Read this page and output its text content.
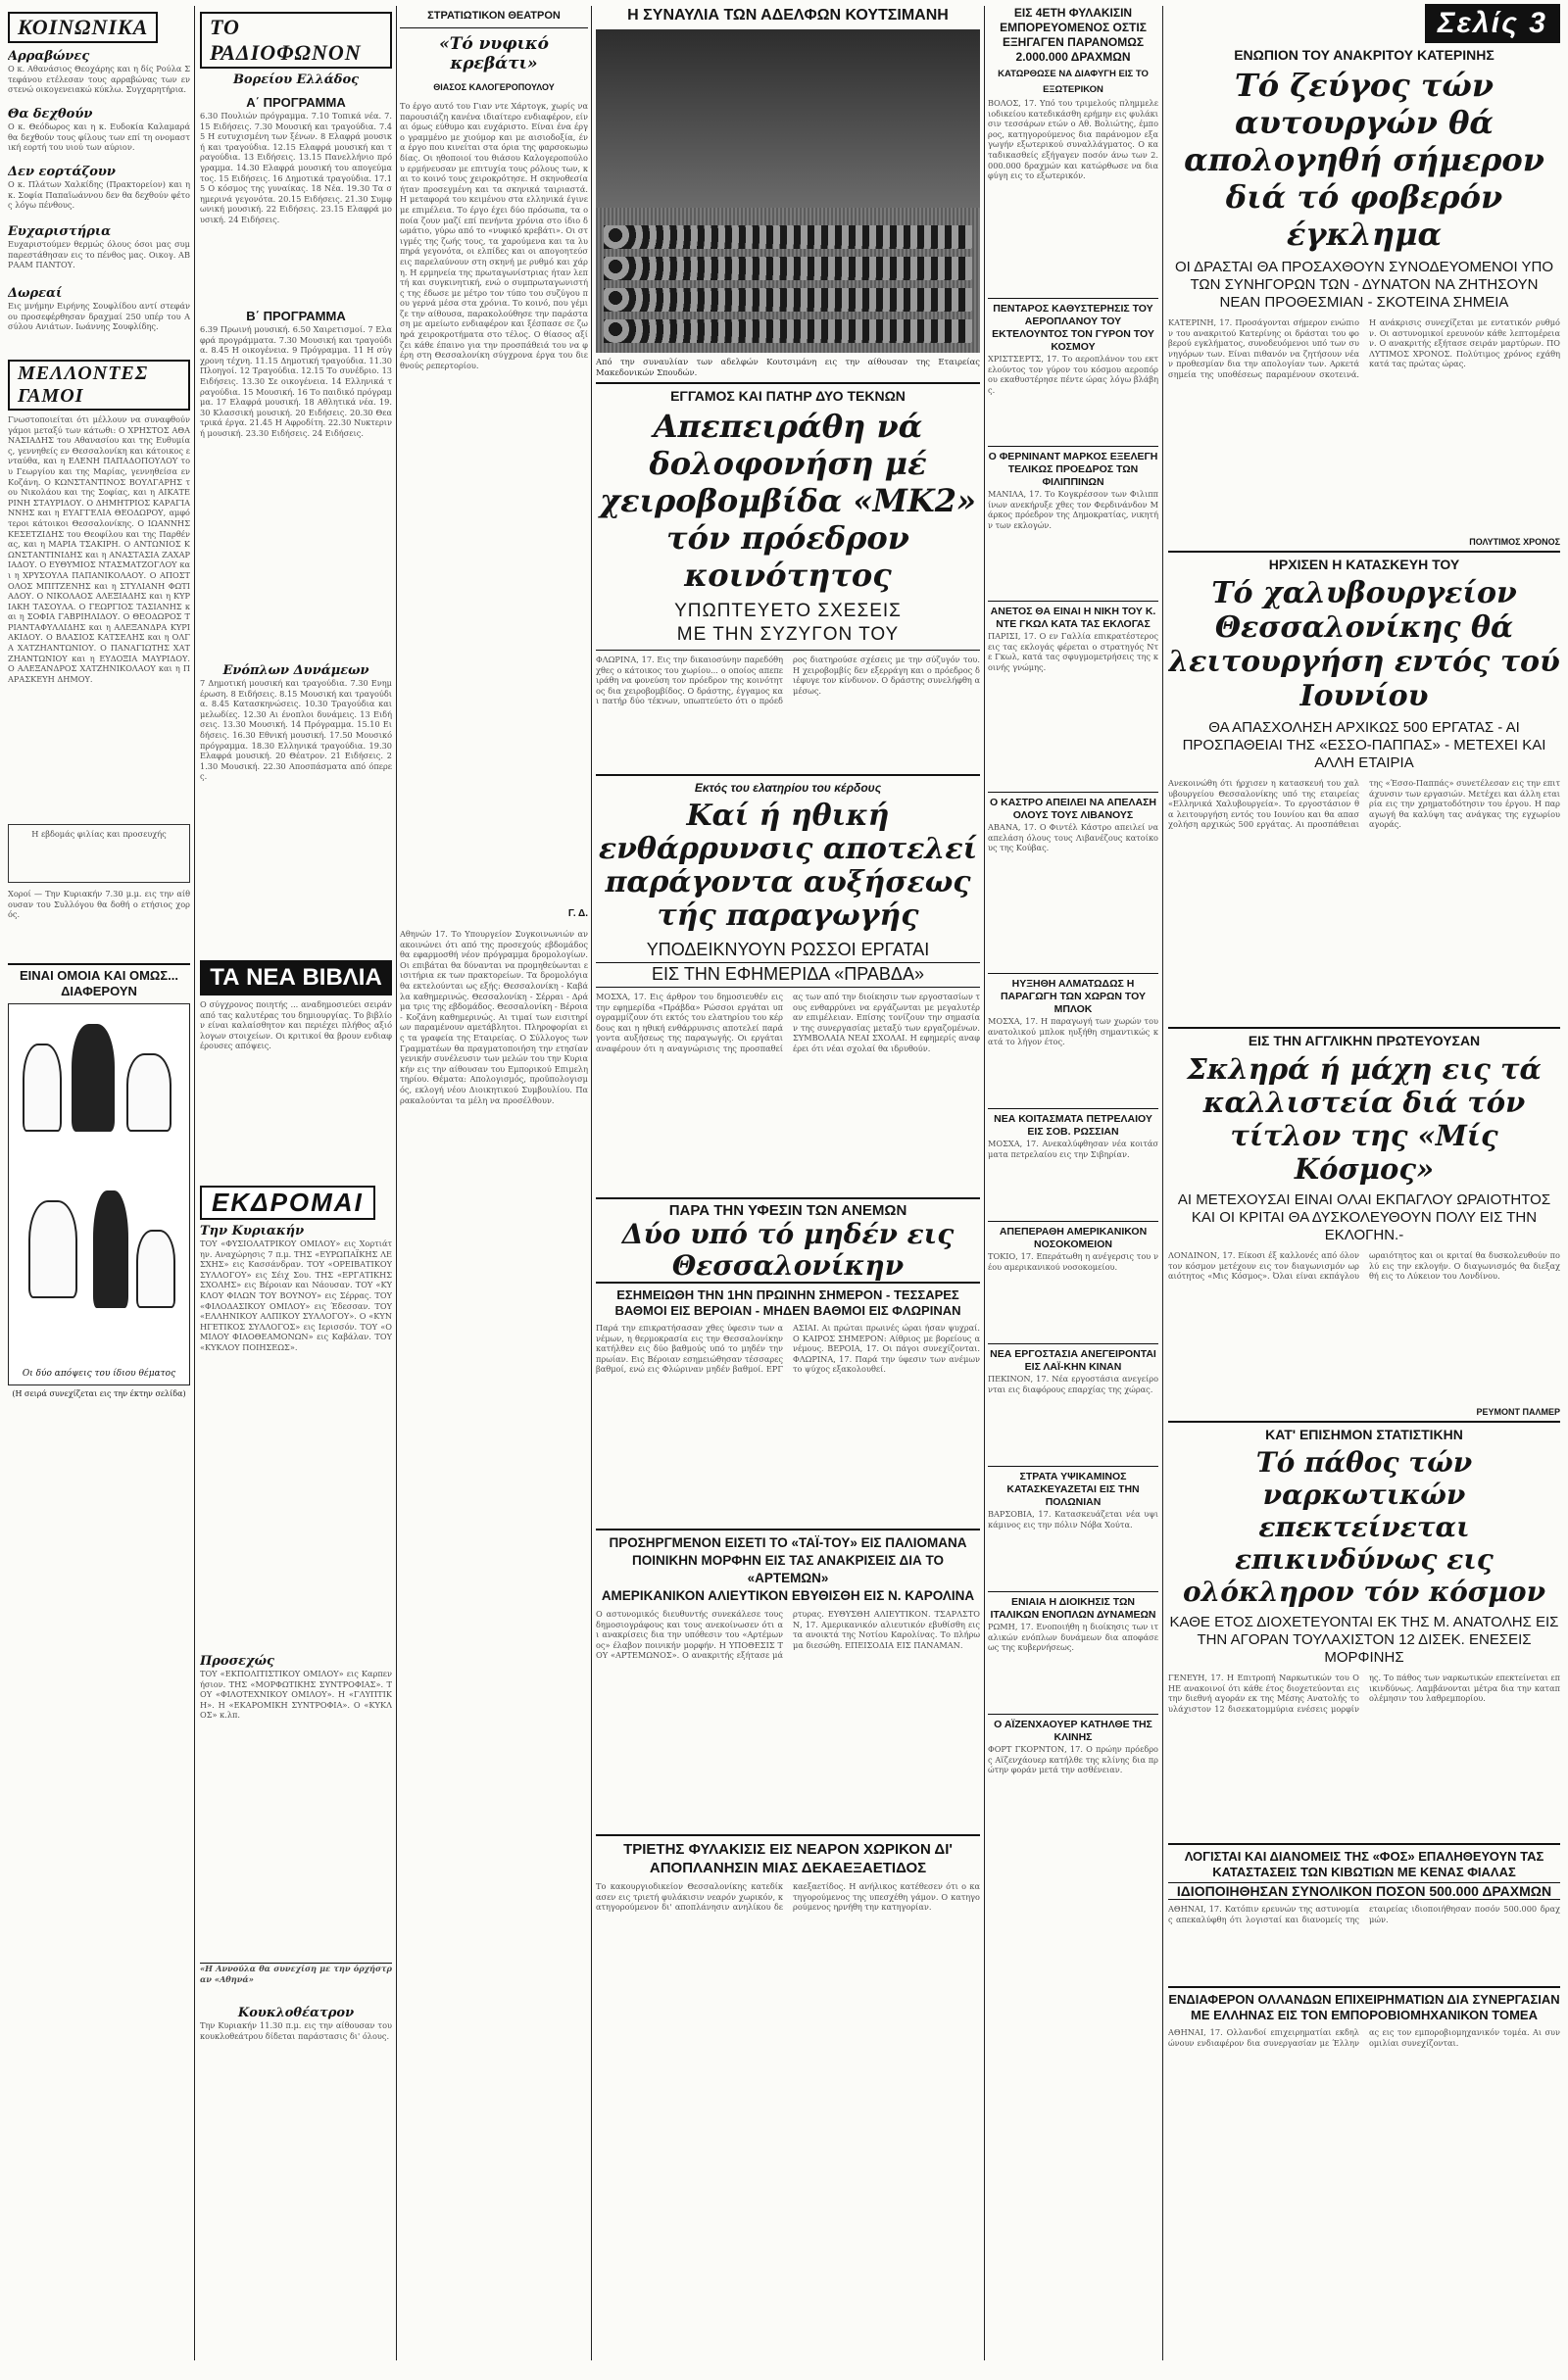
ΚΟΙΝΩΝΙΚΑ
Αρραβώνες
Ο κ. Αθανάσιος Θεοχάρης και η δίς Ρούλα Στεφάνου ετέλεσαν τους αρραβώνας των εν στενώ οικογενειακώ κύκλω. Συγχαρητήρια.
Θα δεχθούν
Ο κ. Θεόδωρος και η κ. Ευδοκία Καλαμαρά θα δεχθούν τους φίλους των επί τη ονομαστική εορτή του υιού των αύριον.
Δεν εορτάζουν
Ο κ. Πλάτων Χαλκίδης (Πρακτορείον) και η κ. Σοφία Παπαϊωάννου δεν θα δεχθούν φέτος λόγω πένθους.
Ευχαριστήρια
Ευχαριστούμεν θερμώς όλους όσοι μας συμπαρεστάθησαν εις το πένθος μας. Οικογ. ΑΒΡΑΑΜ ΠΑΝΤΟΥ.
Δωρεαί
Εις μνήμην Ειρήνης Σουφλίδου αντί στεφάνου προσεφέρθησαν δραχμαί 250 υπέρ του Ασύλου Ανιάτων. Ιωάννης Σουφλίδης.
ΜΕΛΛΟΝΤΕΣ ΓΑΜΟΙ
Γνωστοποιείται ότι μέλλουν να συναφθούν γάμοι μεταξύ των κάτωθι: Ο ΧΡΗΣΤΟΣ ΑΘΑΝΑΣΙΑΔΗΣ του Αθανασίου και της Ευθυμίας, γεννηθείς εν Θεσσαλονίκη και κάτοικος ενταύθα, και η ΕΛΕΝΗ ΠΑΠΑΔΟΠΟΥΛΟΥ του Γεωργίου και της Μαρίας, γεννηθείσα εν Κοζάνη. Ο ΚΩΝΣΤΑΝΤΙΝΟΣ ΒΟΥΛΓΑΡΗΣ του Νικολάου και της Σοφίας, και η ΑΙΚΑΤΕΡΙΝΗ ΣΤΑΥΡΙΔΟΥ. Ο ΔΗΜΗΤΡΙΟΣ ΚΑΡΑΓΙΑΝΝΗΣ και η ΕΥΑΓΓΕΛΙΑ ΘΕΟΔΩΡΟΥ, αμφότεροι κάτοικοι Θεσσαλονίκης. Ο ΙΩΑΝΝΗΣ ΚΕΣΕΤΖΙΔΗΣ του Θεοφίλου και της Παρθένας, και η ΜΑΡΙΑ ΤΣΑΚΙΡΗ. Ο ΑΝΤΩΝΙΟΣ ΚΩΝΣΤΑΝΤΙΝΙΔΗΣ και η ΑΝΑΣΤΑΣΙΑ ΖΑΧΑΡΙΑΔΟΥ. Ο ΕΥΘΥΜΙΟΣ ΝΤΑΣΜΑΤΖΟΓΛΟΥ και η ΧΡΥΣΟΥΛΑ ΠΑΠΑΝΙΚΟΛΑΟΥ. Ο ΑΠΟΣΤΟΛΟΣ ΜΠΙΤΖΕΝΗΣ και η ΣΤΥΛΙΑΝΗ ΦΩΤΙΑΔΟΥ. Ο ΝΙΚΟΛΑΟΣ ΑΛΕΞΙΑΔΗΣ και η ΚΥΡΙΑΚΗ ΤΑΣΟΥΛΑ. Ο ΓΕΩΡΓΙΟΣ ΤΑΣΙΑΝΗΣ και η ΣΟΦΙΑ ΓΑΒΡΙΗΛΙΔΟΥ. Ο ΘΕΟΔΩΡΟΣ ΤΡΙΑΝΤΑΦΥΛΛΙΔΗΣ και η ΑΛΕΞΑΝΔΡΑ ΚΥΡΙΑΚΙΔΟΥ. Ο ΒΛΑΣΙΟΣ ΚΑΤΣΕΛΗΣ και η ΟΛΓΑ ΧΑΤΖΗΑΝΤΩΝΙΟΥ. Ο ΠΑΝΑΓΙΩΤΗΣ ΧΑΤΖΗΑΝΤΩΝΙΟΥ και η ΕΥΔΟΞΙΑ ΜΑΥΡΙΔΟΥ. Ο ΑΛΕΞΑΝΔΡΟΣ ΧΑΤΖΗΝΙΚΟΛΑΟΥ και η ΠΑΡΑΣΚΕΥΗ ΔΗΜΟΥ.
Η εβδομάς φιλίας και προσευχής
Χοροί — Την Κυριακήν 7.30 μ.μ. εις την αίθουσαν του Συλλόγου θα δοθή ο ετήσιος χορός.
ΕΙΝΑΙ ΟΜΟΙΑ ΚΑΙ ΟΜΩΣ... ΔΙΑΦΕΡΟΥΝ
Οι δύο απόψεις του ίδιου θέματος
(Η σειρά συνεχίζεται εις την έκτην σελίδα)
ΤΟ ΡΑΔΙΟΦΩΝΟΝ
Βορείου Ελλάδος
Α΄ ΠΡΟΓΡΑΜΜΑ
6.30 Πουλιών πρόγραμμα. 7.10 Τοπικά νέα. 7.15 Ειδήσεις. 7.30 Μουσική και τραγούδια. 7.45 Η ευτυχισμένη των ξένων. 8 Ελαφρά μουσική και τραγούδια. 12.15 Ελαφρά μουσική και τραγούδια. 13 Ειδήσεις. 13.15 Πανελλήνιο πρόγραμμα. 14.30 Ελαφρά μουσική του απογεύματος. 15 Ειδήσεις. 16 Δημοτικά τραγούδια. 17.15 Ο κόσμος της γυναίκας. 18 Νέα. 19.30 Τα σημερινά γεγονότα. 20.15 Ειδήσεις. 21.30 Συμφωνική μουσική. 22 Ειδήσεις. 23.15 Ελαφρά μουσική. 24 Ειδήσεις.
Β΄ ΠΡΟΓΡΑΜΜΑ
6.39 Πρωινή μουσική. 6.50 Χαιρετισμοί. 7 Ελαφρά προγράμματα. 7.30 Μουσική και τραγούδια. 8.45 Η οικογένεια. 9 Πρόγραμμα. 11 Η σύγχρονη τέχνη. 11.15 Δημοτική τραγούδια. 11.30 Πλοηγοί. 12 Τραγούδια. 12.15 Το συνέδριο. 13 Ειδήσεις. 13.30 Σε οικογένεια. 14 Ελληνικά τραγούδια. 15 Μουσική. 16 Το παιδικό πρόγραμμα. 17 Ελαφρά μουσική. 18 Αθλητικά νέα. 19.30 Κλασσική μουσική. 20 Ειδήσεις. 20.30 Θεατρικά έργα. 21.45 Η Αφροδίτη. 22.30 Νυκτερινή μουσική. 23.30 Ειδήσεις. 24 Ειδήσεις.
Ενόπλων Δυνάμεων
7 Δημοτική μουσική και τραγούδια. 7.30 Ενημέρωση. 8 Ειδήσεις. 8.15 Μουσική και τραγούδια. 8.45 Κατασκηνώσεις. 10.30 Τραγούδια και μελωδίες. 12.30 Αι ένοπλοι δυνάμεις. 13 Ειδήσεις. 13.30 Μουσική. 14 Πρόγραμμα. 15.10 Ειδήσεις. 16.30 Εθνική μουσική. 17.50 Μουσικό πρόγραμμα. 18.30 Ελληνικά τραγούδια. 19.30 Ελαφρά μουσική. 20 Θέατρον. 21 Ειδήσεις. 21.30 Μουσική. 22.30 Αποσπάσματα από όπερες.
ΤΑ ΝΕΑ ΒΙΒΛΙΑ
Ο σύγχρονος ποιητής ... αναδημοσιεύει σειράν από τας καλυτέρας του δημιουργίας. Το βιβλίον είναι καλαίσθητον και περιέχει πλήθος αξιόλογων στοιχείων. Οι κριτικοί θα βρουν ενδιαφέρουσες απόψεις.
ΕΚΔΡΟΜΑΙ
Την Κυριακήν
ΤΟΥ «ΦΥΣΙΟΛΑΤΡΙΚΟΥ ΟΜΙΛΟΥ» εις Χορτιάτην. Αναχώρησις 7 π.μ. ΤΗΣ «ΕΥΡΩΠΑΪΚΗΣ ΛΕΣΧΗΣ» εις Κασσάνδραν. ΤΟΥ «ΟΡΕΙΒΑΤΙΚΟΥ ΣΥΛΛΟΓΟΥ» εις Σέιχ Σου. ΤΗΣ «ΕΡΓΑΤΙΚΗΣ ΣΧΟΛΗΣ» εις Βέροιαν και Νάουσαν. ΤΟΥ «ΚΥΚΛΟΥ ΦΙΛΩΝ ΤΟΥ ΒΟΥΝΟΥ» εις Σέρρας. ΤΟΥ «ΦΙΛΟΔΑΣΙΚΟΥ ΟΜΙΛΟΥ» εις Έδεσσαν. ΤΟΥ «ΕΛΛΗΝΙΚΟΥ ΑΛΠΙΚΟΥ ΣΥΛΛΟΓΟΥ». Ο «ΚΥΝΗΓΕΤΙΚΟΣ ΣΥΛΛΟΓΟΣ» εις Ιερισσόν. ΤΟΥ «ΟΜΙΛΟΥ ΦΙΛΟΘΕΑΜΟΝΩΝ» εις Καβάλαν. ΤΟΥ «ΚΥΚΛΟΥ ΠΟΙΗΣΕΩΣ».
Προσεχώς
ΤΟΥ «ΕΚΠΟΛΙΤΙΣΤΙΚΟΥ ΟΜΙΛΟΥ» εις Καρπενήσιον. ΤΗΣ «ΜΟΡΦΩΤΙΚΗΣ ΣΥΝΤΡΟΦΙΑΣ». ΤΟΥ «ΦΙΛΟΤΕΧΝΙΚΟΥ ΟΜΙΛΟΥ». Η «ΓΛΥΠΤΙΚΗ». Η «ΕΚΑΡΟΜΙΚΗ ΣΥΝΤΡΟΦΙΑ». Ο «ΚΥΚΛΟΣ» κ.λπ.
«Η Αννούλα θα συνεχίση με την όρχήστραν «Αθηνά»
Κουκλοθέατρον
Την Κυριακήν 11.30 π.μ. εις την αίθουσαν του κουκλοθεάτρου δίδεται παράστασις δι' όλους.
ΣΤΡΑΤΙΩΤΙΚΟΝ ΘΕΑΤΡΟΝ
«Τό νυφικό κρεβάτι»
ΘΙΑΣΟΣ ΚΑΛΟΓΕΡΟΠΟΥΛΟΥ
Το έργο αυτό του Γιαν ντε Χάρτογκ, χωρίς να παρουσιάζη κανένα ιδιαίτερο ενδιαφέρον, είναι όμως εύθυμο και ευχάριστο. Είναι ένα έργο γραμμένο με χιούμορ και με αισιοδοξία, ένα έργο που κινείται στα όρια της φαρσοκωμωδίας. Οι ηθοποιοί του θιάσου Καλογεροπούλου ερμήνευσαν με επιτυχία τους ρόλους των, και το κοινό τους χειροκρότησε. Η σκηνοθεσία ήταν προσεγμένη και τα σκηνικά ταιριαστά. Η μεταφορά του κειμένου στα ελληνικά έγινε με επιμέλεια. Το έργο έχει δύο πρόσωπα, τα οποία ζουν μαζί επί πενήντα χρόνια στο ίδιο δωμάτιο, γύρω από το «νυφικό κρεβάτι». Οι στιγμές της ζωής τους, τα χαρούμενα και τα λυπηρά γεγονότα, οι ελπίδες και οι απογοητεύσεις παρελαύνουν στη σκηνή με ρυθμό και χάρη. Η ερμηνεία της πρωταγωνίστριας ήταν λεπτή και συγκινητική, ενώ ο συμπρωταγωνιστής της έδωσε με μέτρο τον τύπο του συζύγου που γερνά μέσα στα χρόνια. Το κοινό, που γέμιζε την αίθουσα, παρακολούθησε την παράσταση με αμείωτο ενδιαφέρον και ξέσπασε σε ζωηρά χειροκροτήματα στο τέλος. Ο θίασος αξίζει κάθε έπαινο για την προσπάθειά του να φέρη στη Θεσσαλονίκη σύγχρονα έργα του διεθνούς ρεπερτορίου.
Γ. Δ.
Αθηνών 17. Το Υπουργείον Συγκοινωνιών ανακοινώνει ότι από της προσεχούς εβδομάδος θα εφαρμοσθή νέον πρόγραμμα δρομολογίων. Οι επιβάται θα δύνανται να προμηθεύωνται εισιτήρια εκ των πρακτορείων. Τα δρομολόγια θα εκτελούνται ως εξής: Θεσσαλονίκη - Καβάλα καθημερινώς. Θεσσαλονίκη - Σέρραι - Δράμα τρις της εβδομάδος. Θεσσαλονίκη - Βέροια - Κοζάνη καθημερινώς. Αι τιμαί των εισιτηρίων παραμένουν αμετάβλητοι. Πληροφορίαι εις τα γραφεία της Εταιρείας. Ο Σύλλογος των Γραμματέων θα πραγματοποιήση την ετησίαν γενικήν συνέλευσιν των μελών του την Κυριακήν εις την αίθουσαν του Εμπορικού Επιμελητηρίου. Θέματα: Απολογισμός, προϋπολογισμός, εκλογή νέου Διοικητικού Συμβουλίου. Παρακαλούνται τα μέλη να προσέλθουν.
Η ΣΥΝΑΥΛΙΑ ΤΩΝ ΑΔΕΛΦΩΝ ΚΟΥΤΣΙΜΑΝΗ
Από την συναυλίαν των αδελφών Κουτσιμάνη εις την αίθουσαν της Εταιρείας Μακεδονικών Σπουδών.
ΕΓΓΑΜΟΣ ΚΑΙ ΠΑΤΗΡ ΔΥΟ ΤΕΚΝΩΝ
Απεπειράθη νά δολοφονήση μέ χειροβομβίδα «ΜΚ2» τόν πρόεδρον κοινότητος
ΥΠΩΠΤΕΥΕΤΟ ΣΧΕΣΕΙΣ
ΜΕ ΤΗΝ ΣΥΖΥΓΟΝ ΤΟΥ
ΦΛΩΡΙΝΑ, 17. Εις την δικαιοσύνην παρεδόθη χθες ο κάτοικος του χωρίου... ο οποίος απεπειράθη να φονεύση τον πρόεδρον της κοινότητος δια χειροβομβίδος. Ο δράστης, έγγαμος και πατήρ δύο τέκνων, υπωπτεύετο ότι ο πρόεδρος διατηρούσε σχέσεις με την σύζυγόν του. Η χειροβομβίς δεν εξερράγη και ο πρόεδρος διέφυγε τον κίνδυνον. Ο δράστης συνελήφθη αμέσως.
Εκτός του ελατηρίου του κέρδους
Καί ή ηθική ενθάρρυνσις αποτελεί παράγοντα αυξήσεως τής παραγωγής
ΥΠΟΔΕΙΚΝΥΟΥΝ ΡΩΣΣΟΙ ΕΡΓΑΤΑΙ
ΕΙΣ ΤΗΝ ΕΦΗΜΕΡΙΔΑ «ΠΡΑΒΔΑ»
ΜΟΣΧΑ, 17. Εις άρθρον του δημοσιευθέν εις την εφημερίδα «Πράβδα» Ρώσσοι εργάται υπογραμμίζουν ότι εκτός του ελατηρίου του κέρδους και η ηθική ενθάρρυνσις αποτελεί παράγοντα αυξήσεως της παραγωγής. Οι εργάται αναφέρουν ότι η αναγνώρισις της προσπαθείας των από την διοίκησιν των εργοστασίων τους ενθαρρύνει να εργάζωνται με μεγαλυτέραν επιμέλειαν. Επίσης τονίζουν την σημασίαν της συνεργασίας μεταξύ των εργαζομένων. ΣΥΜΒΟΛΑΙΑ ΝΕΑΙ ΣΧΟΛΑΙ. Η εφημερίς αναφέρει ότι νέαι σχολαί θα ιδρυθούν.
ΠΑΡΑ ΤΗΝ ΥΦΕΣΙΝ ΤΩΝ ΑΝΕΜΩΝ
Δύο υπό τό μηδέν εις Θεσσαλονίκην
ΕΣΗΜΕΙΩΘΗ ΤΗΝ 1ΗΝ ΠΡΩΙΝΗΝ ΣΗΜΕΡΟΝ - ΤΕΣΣΑΡΕΣ ΒΑΘΜΟΙ ΕΙΣ ΒΕΡΟΙΑΝ - ΜΗΔΕΝ ΒΑΘΜΟΙ ΕΙΣ ΦΛΩΡΙΝΑΝ
Παρά την επικρατήσασαν χθες ύφεσιν των ανέμων, η θερμοκρασία εις την Θεσσαλονίκην κατήλθεν εις δύο βαθμούς υπό το μηδέν την πρωίαν. Εις Βέροιαν εσημειώθησαν τέσσαρες βαθμοί, ενώ εις Φλώριναν μηδέν βαθμοί. ΕΡΓΑΣΙΑΙ. Αι πρώται πρωινές ώραι ήσαν ψυχραί. Ο ΚΑΙΡΟΣ ΣΗΜΕΡΟΝ: Αίθριος με βορείους ανέμους. ΒΕΡΟΙΑ, 17. Οι πάγοι συνεχίζονται. ΦΛΩΡΙΝΑ, 17. Παρά την ύφεσιν των ανέμων το ψύχος εξακολουθεί.
ΠΡΟΣΗΡΓΜΕΝΟΝ ΕΙΣΕΤΙ ΤΟ «ΤΑΪ-ΤΟΥ» ΕΙΣ ΠΑΛΙΟΜΑΝΑ
ΠΟΙΝΙΚΗΝ ΜΟΡΦΗΝ ΕΙΣ ΤΑΣ ΑΝΑΚΡΙΣΕΙΣ ΔΙΑ ΤΟ «ΑΡΤΕΜΩΝ»
ΑΜΕΡΙΚΑΝΙΚΟΝ ΑΛΙΕΥΤΙΚΟΝ ΕΒΥΘΙΣΘΗ ΕΙΣ Ν. ΚΑΡΟΛΙΝΑ
Ο αστυνομικός διευθυντής συνεκάλεσε τους δημοσιογράφους και τους ανεκοίνωσεν ότι αι ανακρίσεις δια την υπόθεσιν του «Αρτέμωνος» έλαβον ποινικήν μορφήν. Η ΥΠΟΘΕΣΙΣ ΤΟΥ «ΑΡΤΕΜΩΝΟΣ». Ο ανακριτής εξήτασε μάρτυρας. ΕΥΘΥΣΘΗ ΑΛΙΕΥΤΙΚΟΝ. ΤΣΑΡΛΣΤΟΝ, 17. Αμερικανικόν αλιευτικόν εβυθίσθη εις τα ανοικτά της Νοτίου Καρολίνας. Το πλήρωμα διεσώθη. ΕΠΕΙΣΟΔΙΑ ΕΙΣ ΠΑΝΑΜΑΝ.
ΤΡΙΕΤΗΣ ΦΥΛΑΚΙΣΙΣ ΕΙΣ ΝΕΑΡΟΝ ΧΩΡΙΚΟΝ ΔΙ' ΑΠΟΠΛΑΝΗΣΙΝ ΜΙΑΣ ΔΕΚΑΕΞΑΕΤΙΔΟΣ
Το κακουργιοδικείον Θεσσαλονίκης κατεδίκασεν εις τριετή φυλάκισιν νεαρόν χωρικόν, κατηγορούμενον δι' αποπλάνησιν ανηλίκου δεκαεξαετίδος. Η ανήλικος κατέθεσεν ότι ο κατηγορούμενος της υπεσχέθη γάμον. Ο κατηγορούμενος ηρνήθη την κατηγορίαν.
ΕΙΣ 4ΕΤΗ ΦΥΛΑΚΙΣΙΝ ΕΜΠΟΡΕΥΟΜΕΝΟΣ ΟΣΤΙΣ ΕΞΗΓΑΓΕΝ ΠΑΡΑΝΟΜΩΣ 2.000.000 ΔΡΑΧΜΩΝ
ΚΑΤΩΡΘΩΣΕ ΝΑ ΔΙΑΦΥΓΗ ΕΙΣ ΤΟ ΕΞΩΤΕΡΙΚΟΝ
ΒΟΛΟΣ, 17. Υπό του τριμελούς πλημμελειοδικείου κατεδικάσθη ερήμην εις φυλάκισιν τεσσάρων ετών ο Αθ. Βολιώτης, έμπορος, κατηγορούμενος δια παράνομον εξαγωγήν εξωτερικού συναλλάγματος. Ο καταδικασθείς εξήγαγεν ποσόν άνω των 2.000.000 δραχμών και κατώρθωσε να διαφύγη εις το εξωτερικόν.
ΠΕΝΤΑΡΟΣ ΚΑΘΥΣΤΕΡΗΣΙΣ ΤΟΥ ΑΕΡΟΠΛΑΝΟΥ ΤΟΥ ΕΚΤΕΛΟΥΝΤΟΣ ΤΟΝ ΓΥΡΟΝ ΤΟΥ ΚΟΣΜΟΥ
ΧΡΙΣΤΣΕΡΤΣ, 17. Το αεροπλάνον του εκτελούντος τον γύρον του κόσμου αεροπόρου εκαθυστέρησε πέντε ώρας λόγω βλάβης.
Ο ΦΕΡΝΙΝΑΝΤ ΜΑΡΚΟΣ ΕΞΕΛΕΓΗ ΤΕΛΙΚΩΣ ΠΡΟΕΔΡΟΣ ΤΩΝ ΦΙΛΙΠΠΙΝΩΝ
ΜΑΝΙΛΑ, 17. Το Κογκρέσσον των Φιλιππίνων ανεκήρυξε χθες τον Φερδινάνδον Μάρκος πρόεδρον της Δημοκρατίας, νικητήν των εκλογών.
ΑΝΕΤΟΣ ΘΑ ΕΙΝΑΙ Η ΝΙΚΗ ΤΟΥ Κ. ΝΤΕ ΓΚΩΛ ΚΑΤΑ ΤΑΣ ΕΚΛΟΓΑΣ
ΠΑΡΙΣΙ, 17. Ο εν Γαλλία επικρατέστερος εις τας εκλογάς φέρεται ο στρατηγός Ντε Γκωλ, κατά τας σφυγμομετρήσεις της κοινής γνώμης.
Ο ΚΑΣΤΡΟ ΑΠΕΙΛΕΙ ΝΑ ΑΠΕΛΑΣΗ ΟΛΟΥΣ ΤΟΥΣ ΛΙΒΑΝΟΥΣ
ΑΒΑΝΑ, 17. Ο Φιντέλ Κάστρο απειλεί να απελάση όλους τους Λιβανέζους κατοίκους της Κούβας.
ΗΥΞΗΘΗ ΑΛΜΑΤΩΔΩΣ Η ΠΑΡΑΓΩΓΗ ΤΩΝ ΧΩΡΩΝ ΤΟΥ ΜΠΛΟΚ
ΜΟΣΧΑ, 17. Η παραγωγή των χωρών του ανατολικού μπλοκ ηυξήθη σημαντικώς κατά το λήγον έτος.
ΝΕΑ ΚΟΙΤΑΣΜΑΤΑ ΠΕΤΡΕΛΑΙΟΥ ΕΙΣ ΣΟΒ. ΡΩΣΣΙΑΝ
ΜΟΣΧΑ, 17. Ανεκαλύφθησαν νέα κοιτάσματα πετρελαίου εις την Σιβηρίαν.
ΑΠΕΠΕΡΑΘΗ ΑΜΕΡΙΚΑΝΙΚΟΝ ΝΟΣΟΚΟΜΕΙΟΝ
ΤΟΚΙΟ, 17. Επεράτωθη η ανέγερσις του νέου αμερικανικού νοσοκομείου.
ΝΕΑ ΕΡΓΟΣΤΑΣΙΑ ΑΝΕΓΕΙΡΟΝΤΑΙ ΕΙΣ ΛΑΪ-ΚΗΝ ΚΙΝΑΝ
ΠΕΚΙΝΟΝ, 17. Νέα εργοστάσια ανεγείρονται εις διαφόρους επαρχίας της χώρας.
ΣΤΡΑΤΑ ΥΨΙΚΑΜΙΝΟΣ ΚΑΤΑΣΚΕΥΑΖΕΤΑΙ ΕΙΣ ΤΗΝ ΠΟΛΩΝΙΑΝ
ΒΑΡΣΟΒΙΑ, 17. Κατασκευάζεται νέα υψικάμινος εις την πόλιν Νόβα Χούτα.
ΕΝΙΑΙΑ Η ΔΙΟΙΚΗΣΙΣ ΤΩΝ ΙΤΑΛΙΚΩΝ ΕΝΟΠΛΩΝ ΔΥΝΑΜΕΩΝ
ΡΩΜΗ, 17. Ενοποιήθη η διοίκησις των ιταλικών ενόπλων δυνάμεων δια αποφάσεως της κυβερνήσεως.
Ο ΑΪΖΕΝΧΑΟΥΕΡ ΚΑΤΗΛΘΕ ΤΗΣ ΚΛΙΝΗΣ
ΦΟΡΤ ΓΚΟΡΝΤΟΝ, 17. Ο πρώην πρόεδρος Αϊζενχάουερ κατήλθε της κλίνης δια πρώτην φοράν μετά την ασθένειαν.
Σελίς 3
ΕΝΩΠΙΟΝ ΤΟΥ ΑΝΑΚΡΙΤΟΥ ΚΑΤΕΡΙΝΗΣ
Τό ζεύγος τών αυτουργών θά απολογηθή σήμερον διά τό φοβερόν έγκλημα
ΟΙ ΔΡΑΣΤΑΙ ΘΑ ΠΡΟΣΑΧΘΟΥΝ ΣΥΝΟΔΕΥΟΜΕΝΟΙ ΥΠΟ ΤΩΝ ΣΥΝΗΓΟΡΩΝ ΤΩΝ - ΔΥΝΑΤΟΝ ΝΑ ΖΗΤΗΣΟΥΝ ΝΕΑΝ ΠΡΟΘΕΣΜΙΑΝ - ΣΚΟΤΕΙΝΑ ΣΗΜΕΙΑ
ΚΑΤΕΡΙΝΗ, 17. Προσάγονται σήμερον ενώπιον του ανακριτού Κατερίνης οι δράσται του φοβερού εγκλήματος, συνοδευόμενοι υπό των συνηγόρων των. Είναι πιθανόν να ζητήσουν νέαν προθεσμίαν δια την απολογίαν των. Αρκετά σημεία της υποθέσεως παραμένουν σκοτεινά. Η ανάκρισις συνεχίζεται με εντατικόν ρυθμόν. Οι αστυνομικοί ερευνούν κάθε λεπτομέρειαν. Ο ανακριτής εξήτασε σειράν μαρτύρων. ΠΟΛΥΤΙΜΟΣ ΧΡΟΝΟΣ. Πολύτιμος χρόνος εχάθη κατά τας πρώτας ώρας.
ΠΟΛΥΤΙΜΟΣ ΧΡΟΝΟΣ
ΗΡΧΙΣΕΝ Η ΚΑΤΑΣΚΕΥΗ ΤΟΥ
Τό χαλυβουργείον Θεσσαλονίκης θά λειτουργήση εντός τού Ιουνίου
ΘΑ ΑΠΑΣΧΟΛΗΣΗ ΑΡΧΙΚΩΣ 500 ΕΡΓΑΤΑΣ - ΑΙ ΠΡΟΣΠΑΘΕΙΑΙ ΤΗΣ «ΕΣΣΟ-ΠΑΠΠΑΣ» - ΜΕΤΕΧΕΙ ΚΑΙ ΑΛΛΗ ΕΤΑΙΡΙΑ
Ανεκοινώθη ότι ήρχισεν η κατασκευή του χαλυβουργείου Θεσσαλονίκης υπό της εταιρείας «Ελληνικά Χαλυβουργεία». Το εργοστάσιον θα λειτουργήση εντός του Ιουνίου και θα απασχολήση αρχικώς 500 εργάτας. Αι προσπάθειαι της «Έσσο-Παππάς» συνετέλεσαν εις την επιτάχυνσιν των εργασιών. Μετέχει και άλλη εταιρία εις την χρηματοδότησιν του έργου. Η παραγωγή θα καλύψη τας ανάγκας της εγχωρίου αγοράς.
ΕΙΣ ΤΗΝ ΑΓΓΛΙΚΗΝ ΠΡΩΤΕΥΟΥΣΑΝ
Σκληρά ή μάχη εις τά καλλιστεία διά τόν τίτλον της «Μίς Κόσμος»
ΑΙ ΜΕΤΕΧΟΥΣΑΙ ΕΙΝΑΙ ΟΛΑΙ ΕΚΠΑΓΛΟΥ ΩΡΑΙΟΤΗΤΟΣ ΚΑΙ ΟΙ ΚΡΙΤΑΙ ΘΑ ΔΥΣΚΟΛΕΥΘΟΥΝ ΠΟΛΥ ΕΙΣ ΤΗΝ ΕΚΛΟΓΗΝ.-
ΛΟΝΔΙΝΟΝ, 17. Είκοσι έξ καλλονές από όλον τον κόσμον μετέχουν εις τον διαγωνισμόν ωραιότητος «Μις Κόσμος». Όλαι είναι εκπάγλου ωραιότητος και οι κριταί θα δυσκολευθούν πολύ εις την εκλογήν. Ο διαγωνισμός θα διεξαχθή εις το Λύκειον του Λονδίνου.
ΡΕΥΜΟΝΤ ΠΑΛΜΕΡ
ΚΑΤ' ΕΠΙΣΗΜΟΝ ΣΤΑΤΙΣΤΙΚΗΝ
Τό πάθος τών ναρκωτικών επεκτείνεται επικινδύνως εις ολόκληρον τόν κόσμον
ΚΑΘΕ ΕΤΟΣ ΔΙΟΧΕΤΕΥΟΝΤΑΙ ΕΚ ΤΗΣ Μ. ΑΝΑΤΟΛΗΣ ΕΙΣ ΤΗΝ ΑΓΟΡΑΝ ΤΟΥΛΑΧΙΣΤΟΝ 12 ΔΙΣΕΚ. ΕΝΕΣΕΙΣ ΜΟΡΦΙΝΗΣ
ΓΕΝΕΥΗ, 17. Η Επιτροπή Ναρκωτικών του ΟΗΕ ανακοινοί ότι κάθε έτος διοχετεύονται εις την διεθνή αγοράν εκ της Μέσης Ανατολής τουλάχιστον 12 δισεκατομμύρια ενέσεις μορφίνης. Το πάθος των ναρκωτικών επεκτείνεται επικινδύνως. Λαμβάνονται μέτρα δια την καταπολέμησιν του λαθρεμπορίου.
ΛΟΓΙΣΤΑΙ ΚΑΙ ΔΙΑΝΟΜΕΙΣ ΤΗΣ «ΦΟΣ» ΕΠΑΛΗΘΕΥΟΥΝ ΤΑΣ ΚΑΤΑΣΤΑΣΕΙΣ ΤΩΝ ΚΙΒΩΤΙΩΝ ΜΕ ΚΕΝΑΣ ΦΙΑΛΑΣ
ΙΔΙΟΠΟΙΗΘΗΣΑΝ ΣΥΝΟΛΙΚΟΝ ΠΟΣΟΝ 500.000 ΔΡΑΧΜΩΝ
ΑΘΗΝΑΙ, 17. Κατόπιν ερευνών της αστυνομίας απεκαλύφθη ότι λογισταί και διανομείς της εταιρείας ιδιοποιήθησαν ποσόν 500.000 δραχμών.
ΕΝΔΙΑΦΕΡΟΝ ΟΛΛΑΝΔΩΝ ΕΠΙΧΕΙΡΗΜΑΤΙΩΝ ΔΙΑ ΣΥΝΕΡΓΑΣΙΑΝ ΜΕ ΕΛΛΗΝΑΣ ΕΙΣ ΤΟΝ ΕΜΠΟΡΟΒΙΟΜΗΧΑΝΙΚΟΝ ΤΟΜΕΑ
ΑΘΗΝΑΙ, 17. Ολλανδοί επιχειρηματίαι εκδηλώνουν ενδιαφέρον δια συνεργασίαν με Έλληνας εις τον εμποροβιομηχανικόν τομέα. Αι συνομιλίαι συνεχίζονται.
